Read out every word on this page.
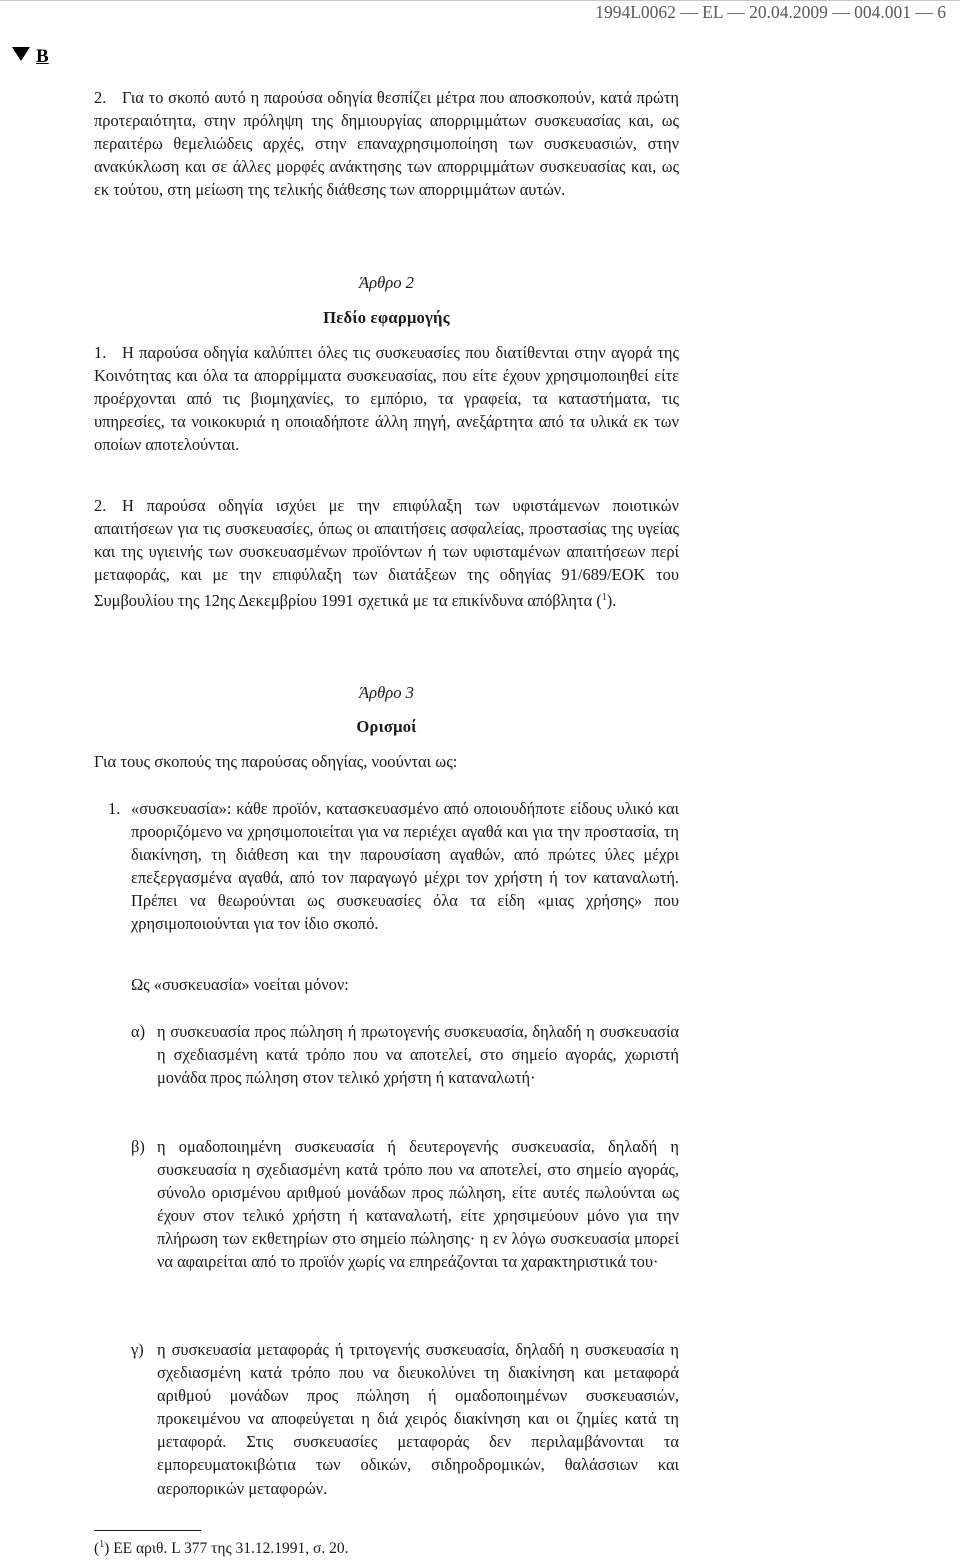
1994L0062 — EL — 20.04.2009 — 004.001 — 6
B

2. Για το σκοπό αυτό η παρούσα οδηγία θεσπίζει μέτρα που αποσκοπούν, κατά πρώτη προτεραιότητα, στην πρόληψη της δημιουργίας απορριμμάτων συσκευασίας και, ως περαιτέρω θεμελιώδεις αρχές, στην επαναχρησιμοποίηση των συσκευασιών, στην ανακύκλωση και σε άλλες μορφές ανάκτησης των απορριμμάτων συσκευασίας και, ως εκ τούτου, στη μείωση της τελικής διάθεσης των απορριμμάτων αυτών.

Άρθρο 2
Πεδίο εφαρμογής

1. Η παρούσα οδηγία καλύπτει όλες τις συσκευασίες που διατίθενται στην αγορά της Κοινότητας και όλα τα απορρίμματα συσκευασίας, που είτε έχουν χρησιμοποιηθεί είτε προέρχονται από τις βιομηχανίες, το εμπόριο, τα γραφεία, τα καταστήματα, τις υπηρεσίες, τα νοικοκυριά η οποιαδήποτε άλλη πηγή, ανεξάρτητα από τα υλικά εκ των οποίων αποτελούνται.

2. Η παρούσα οδηγία ισχύει με την επιφύλαξη των υφιστάμενων ποιοτικών απαιτήσεων για τις συσκευασίες, όπως οι απαιτήσεις ασφαλείας, προστασίας της υγείας και της υγιεινής των συσκευασμένων προϊόντων ή των υφισταμένων απαιτήσεων περί μεταφοράς, και με την επιφύλαξη των διατάξεων της οδηγίας 91/689/ΕΟΚ του Συμβουλίου της 12ης Δεκεμβρίου 1991 σχετικά με τα επικίνδυνα απόβλητα ($^1$).

Άρθρο 3
Ορισμοί
Για τους σκοπούς της παρούσας οδηγίας, νοούνται ως:
1. «συσκευασία»: κάθε προϊόν, κατασκευασμένο από οποιουδήποτε είδους υλικό και προοριζόμενο να χρησιμοποιείται για να περιέχει αγαθά και για την προστασία, τη διακίνηση, τη διάθεση και την παρουσίαση αγαθών, από πρώτες ύλες μέχρι επεξεργασμένα αγαθά, από τον παραγωγό μέχρι τον χρήστη ή τον καταναλωτή. Πρέπει να θεωρούνται ως συσκευασίες όλα τα είδη «μιας χρήσης» που χρησιμοποιούνται για τον ίδιο σκοπό.
Ως «συσκευασία» νοείται μόνον:
α) η συσκευασία προς πώληση ή πρωτογενής συσκευασία, δηλαδή η συσκευασία η σχεδιασμένη κατά τρόπο που να αποτελεί, στο σημείο αγοράς, χωριστή μονάδα προς πώληση στον τελικό χρήστη ή καταναλωτή·
β) η ομαδοποιημένη συσκευασία ή δευτερογενής συσκευασία, δηλαδή η συσκευασία η σχεδιασμένη κατά τρόπο που να αποτελεί, στο σημείο αγοράς, σύνολο ορισμένου αριθμού μονάδων προς πώληση, είτε αυτές πωλούνται ως έχουν στον τελικό χρήστη ή καταναλωτή, είτε χρησιμεύουν μόνο για την πλήρωση των εκθετηρίων στο σημείο πώλησης· η εν λόγω συσκευασία μπορεί να αφαιρείται από το προϊόν χωρίς να επηρεάζονται τα χαρακτηριστικά του·
γ) η συσκευασία μεταφοράς ή τριτογενής συσκευασία, δηλαδή η συσκευασία η σχεδιασμένη κατά τρόπο που να διευκολύνει τη διακίνηση και μεταφορά αριθμού μονάδων προς πώληση ή ομαδοποιημένων συσκευασιών, προκειμένου να αποφεύγεται η διά χειρός διακίνηση και οι ζημίες κατά τη μεταφορά. Στις συσκευασίες μεταφοράς δεν περιλαμβάνονται τα εμπορευματοκιβώτια των οδικών, σιδηροδρομικών, θαλάσσιων και αεροπορικών μεταφορών.
($^1$) ΕΕ αριθ. L 377 της 31.12.1991, σ. 20.
